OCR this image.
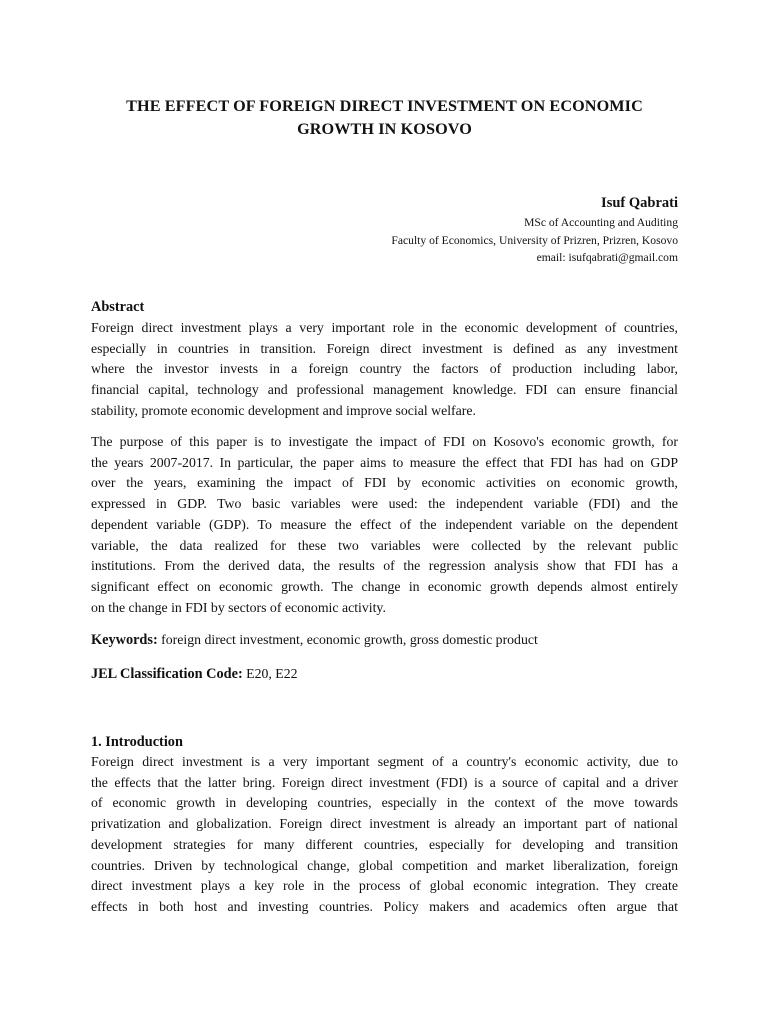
THE EFFECT OF FOREIGN DIRECT INVESTMENT ON ECONOMIC
GROWTH IN KOSOVO
Isuf Qabrati
MSc of Accounting and Auditing
Faculty of Economics, University of Prizren, Prizren, Kosovo
email: isufqabrati@gmail.com
Abstract
Foreign direct investment plays a very important role in the economic development of countries,
especially in countries in transition. Foreign direct investment is defined as any investment
where the investor invests in a foreign country the factors of production including labor,
financial capital, technology and professional management knowledge. FDI can ensure financial
stability, promote economic development and improve social welfare.
The purpose of this paper is to investigate the impact of FDI on Kosovo's economic growth, for
the years 2007-2017. In particular, the paper aims to measure the effect that FDI has had on GDP
over the years, examining the impact of FDI by economic activities on economic growth,
expressed in GDP. Two basic variables were used: the independent variable (FDI) and the
dependent variable (GDP). To measure the effect of the independent variable on the dependent
variable, the data realized for these two variables were collected by the relevant public
institutions. From the derived data, the results of the regression analysis show that FDI has a
significant effect on economic growth. The change in economic growth depends almost entirely
on the change in FDI by sectors of economic activity.
Keywords: foreign direct investment, economic growth, gross domestic product
JEL Classification Code: E20, E22
1. Introduction
Foreign direct investment is a very important segment of a country's economic activity, due to
the effects that the latter bring. Foreign direct investment (FDI) is a source of capital and a driver
of economic growth in developing countries, especially in the context of the move towards
privatization and globalization. Foreign direct investment is already an important part of national
development strategies for many different countries, especially for developing and transition
countries. Driven by technological change, global competition and market liberalization, foreign
direct investment plays a key role in the process of global economic integration. They create
effects in both host and investing countries. Policy makers and academics often argue that
